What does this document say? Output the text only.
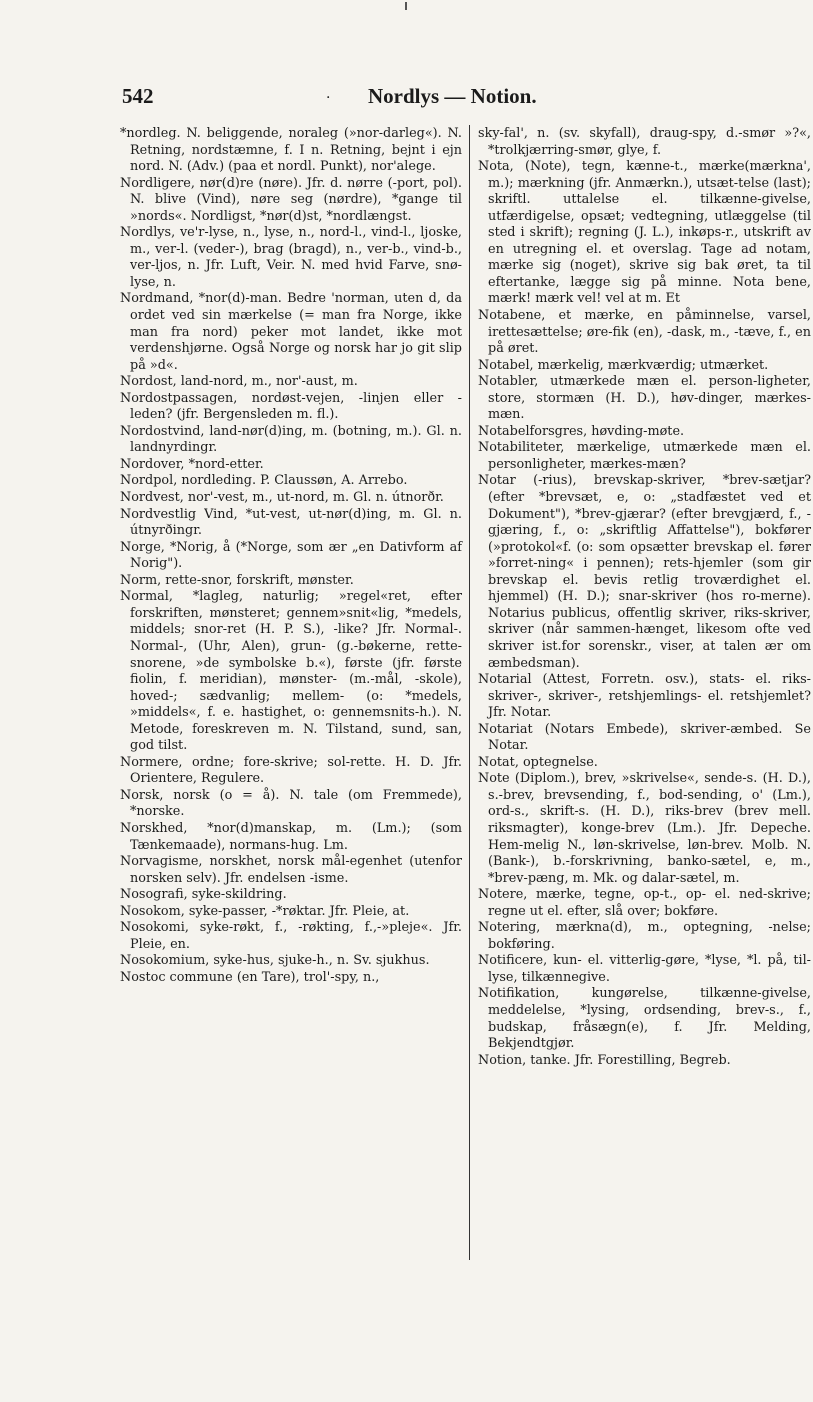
542	· Nordlys — Notion.

*nordleg. N. beliggende, noraleg (»nor-darleg«). N. Retning, nordstæmne, f. I n. Retning, bejnt i ejn nord. N. (Adv.) (paa et nordl. Punkt), nor'alege.

Nordligere, nør(d)re (nøre). Jfr. d. nørre (-port, pol). N. blive (Vind), nøre seg (nørdre), *gange til »nords«. Nordligst, *nør(d)st, *nordlængst.

Nordlys, ve'r-lyse, n., lyse, n., nord-l., vind-l., ljoske, m., ver-l. (veder-), brag (bragd), n., ver-b., vind-b., ver-ljos, n. Jfr. Luft, Veir. N. med hvid Farve, snø-lyse, n.

Nordmand, *nor(d)-man. Bedre 'norman, uten d, da ordet ved sin mærkelse (= man fra Norge, ikke man fra nord) peker mot landet, ikke mot verdenshjørne. Også Norge og norsk har jo git slip på »d«.

Nordost, land-nord, m., nor'-aust, m.

Nordostpassagen, nordøst-vejen, -linjen eller -leden? (jfr. Bergensleden m. fl.).

Nordostvind, land-nør(d)ing, m. (botning, m.). Gl. n. landnyrdingr.

Nordover, *nord-etter.

Nordpol, nordleding. P. Claussøn, A. Arrebo.

Nordvest, nor'-vest, m., ut-nord, m. Gl. n. útnorðr.

Nordvestlig Vind, *ut-vest, ut-nør(d)ing, m. Gl. n. útnyrðingr.

Norge, *Norig, å (*Norge, som ær „en Dativform af Norig").

Norm, rette-snor, forskrift, mønster.

Normal, *lagleg, naturlig; »regel«ret, efter forskriften, mønsteret; gennem»snit«lig, *medels, middels; snor-ret (H. P. S.), -like? Jfr. Normal-. Normal-, (Uhr, Alen), grun- (g.-bøkerne, rette-snorene, »de symbolske b.«), første (jfr. første fiolin, f. meridian), mønster- (m.-mål, -skole), hoved-; sædvanlig; mellem- (o: *medels, »middels«, f. e. hastighet, o: gennemsnits-h.). N. Metode, foreskreven m. N. Tilstand, sund, san, god tilst.

Normere, ordne; fore-skrive; sol-rette. H. D. Jfr. Orientere, Regulere.

Norsk, norsk (o = å). N. tale (om Fremmede), *norske.

Norskhed, *nor(d)manskap, m. (Lm.); (som Tænkemaade), normans-hug. Lm.

Norvagisme, norskhet, norsk mål-egenhet (utenfor norsken selv). Jfr. endelsen -isme.

Nosografi, syke-skildring.

Nosokom, syke-passer, -*røktar. Jfr. Pleie, at.

Nosokomi, syke-røkt, f., -røkting, f.,-»pleje«. Jfr. Pleie, en.

Nosokomium, syke-hus, sjuke-h., n. Sv. sjukhus.

Nostoc commune (en Tare), trol'-spy, n.,

sky-fal', n. (sv. skyfall), draug-spy, d.-smør »?«, *trolkjærring-smør, glye, f.

Nota, (Note), tegn, kænne-t., mærke(mærkna', m.); mærkning (jfr. Anmærkn.), utsæt-telse (last); skriftl. uttalelse el. tilkænne-givelse, utfærdigelse, opsæt; vedtegning, utlæggelse (til sted i skrift); regning (J. L.), inkøps-r., utskrift av en utregning el. et overslag. Tage ad notam, mærke sig (noget), skrive sig bak øret, ta til eftertanke, lægge sig på minne. Nota bene, mærk! mærk vel! vel at m. Et

Notabene, et mærke, en påminnelse, varsel, irettesættelse; øre-fik (en), -dask, m., -tæve, f., en på øret.

Notabel, mærkelig, mærkværdig; utmærket.

Notabler, utmærkede mæn el. person-ligheter, store, stormæn (H. D.), høv-dinger, mærkes-mæn.

Notabelforsgres, høvding-møte.

Notabiliteter, mærkelige, utmærkede mæn el. personligheter, mærkes-mæn?

Notar (-rius), brevskap-skriver, *brev-sætjar? (efter *brevsæt, e, o: „stadfæstet ved et Dokument"), *brev-gjærar? (efter brevgjærd, f., -gjæring, f., o: „skriftlig Affattelse"), bokfører (»protokol«f. (o: som opsætter brevskap el. fører »forret-ning« i pennen); rets-hjemler (som gir brevskap el. bevis retlig troværdighet el. hjemmel) (H. D.); snar-skriver (hos ro-merne). Notarius publicus, offentlig skriver, riks-skriver, skriver (når sammen-hænget, likesom ofte ved skriver ist.for sorenskr., viser, at talen ær om æmbedsman).

Notarial (Attest, Forretn. osv.), stats- el. riks-skriver-, skriver-, retshjemlings- el. retshjemlet? Jfr. Notar.

Notariat (Notars Embede), skriver-æmbed. Se Notar.

Notat, optegnelse.

Note (Diplom.), brev, »skrivelse«, sende-s. (H. D.), s.-brev, brevsending, f., bod-sending, o' (Lm.), ord-s., skrift-s. (H. D.), riks-brev (brev mell. riksmagter), konge-brev (Lm.). Jfr. Depeche. Hem-melig N., løn-skrivelse, løn-brev. Molb. N. (Bank-), b.-forskrivning, banko-sætel, e, m., *brev-pæng, m. Mk. og dalar-sætel, m.

Notere, mærke, tegne, op-t., op- el. ned-skrive; regne ut el. efter, slå over; bokføre.

Notering, mærkna(d), m., optegning, -nelse; bokføring.

Notificere, kun- el. vitterlig-gøre, *lyse, *l. på, til-lyse, tilkænnegive.

Notifikation, kungørelse, tilkænne-givelse, meddelelse, *lysing, ordsending, brev-s., f., budskap, fråsægn(e), f. Jfr. Melding, Bekjendtgjør.

Notion, tanke. Jfr. Forestilling, Begreb.
